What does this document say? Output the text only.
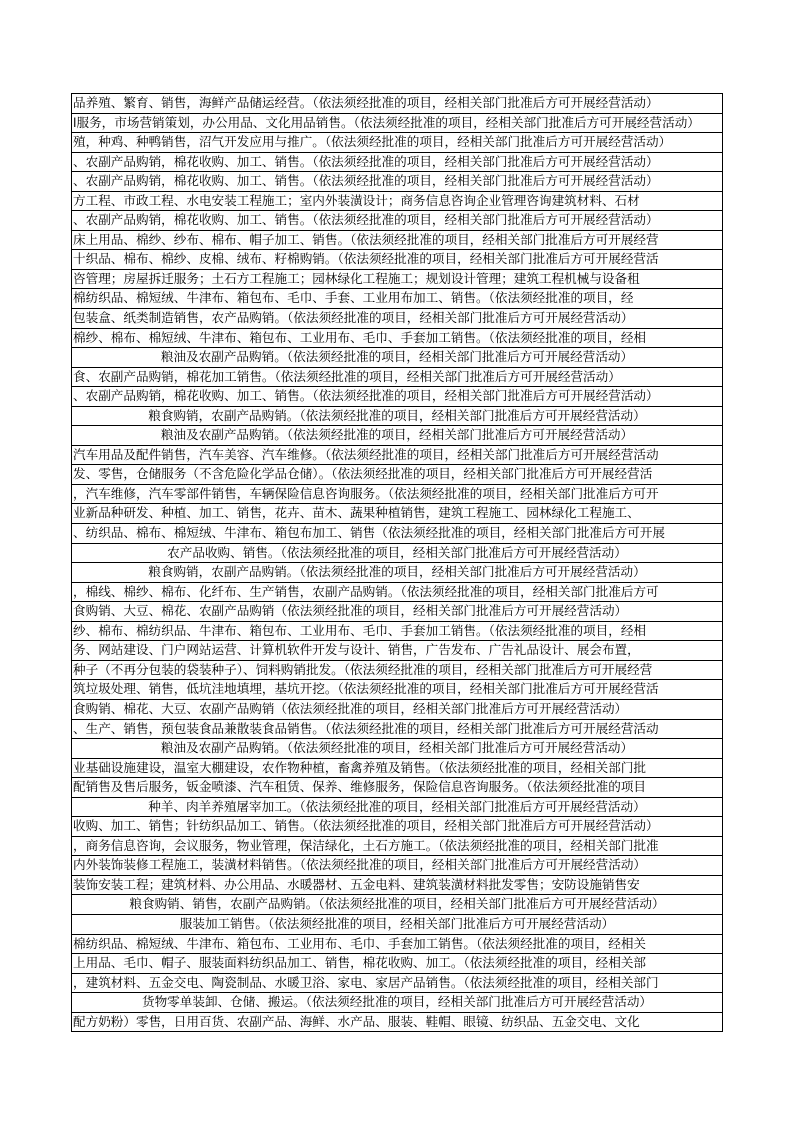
品养殖、繁育、销售，海鲜产品储运经营。（依法须经批准的项目，经相关部门批准后方可开展经营活动）
l服务，市场营销策划，办公用品、文化用品销售。（依法须经批准的项目，经相关部门批准后方可开展经营活动）
殖，种鸡、种鸭销售，沼气开发应用与推广。（依法须经批准的项目，经相关部门批准后方可开展经营活动）
、农副产品购销，棉花收购、加工、销售。（依法须经批准的项目，经相关部门批准后方可开展经营活动）
、农副产品购销，棉花收购、加工、销售。（依法须经批准的项目，经相关部门批准后方可开展经营活动）
方工程、市政工程、水电安装工程施工；室内外装潢设计；商务信息咨询企业管理咨询建筑材料、石材
、农副产品购销，棉花收购、加工、销售。（依法须经批准的项目，经相关部门批准后方可开展经营活动）
床上用品、棉纱、纱布、棉布、帽子加工、销售。（依法须经批准的项目，经相关部门批准后方可开展经营
十织品、棉布、棉纱、皮棉、绒布、籽棉购销。（依法须经批准的项目，经相关部门批准后方可开展经营活
咨管理；房屋拆迁服务；土石方工程施工；园林绿化工程施工；规划设计管理；建筑工程机械与设备租
棉纺织品、棉短绒、牛津布、箱包布、毛巾、手套、工业用布加工、销售。（依法须经批准的项目，经
包装盒、纸类制造销售，农产品购销。（依法须经批准的项目，经相关部门批准后方可开展经营活动）
棉纱、棉布、棉短绒、牛津布、箱包布、工业用布、毛巾、手套加工销售。（依法须经批准的项目，经相
粮油及农副产品购销。（依法须经批准的项目，经相关部门批准后方可开展经营活动）
食、农副产品购销，棉花加工销售。（依法须经批准的项目，经相关部门批准后方可开展经营活动）
、农副产品购销，棉花收购、加工、销售。（依法须经批准的项目，经相关部门批准后方可开展经营活动）
粮食购销，农副产品购销。（依法须经批准的项目，经相关部门批准后方可开展经营活动）
粮油及农副产品购销。（依法须经批准的项目，经相关部门批准后方可开展经营活动）
汽车用品及配件销售，汽车美容、汽车维修。（依法须经批准的项目，经相关部门批准后方可开展经营活动
发、零售，仓储服务（不含危险化学品仓储）。（依法须经批准的项目，经相关部门批准后方可开展经营活
，汽车维修，汽车零部件销售，车辆保险信息咨询服务。（依法须经批准的项目，经相关部门批准后方可开
业新品种研发、种植、加工、销售，花卉、苗木、蔬果种植销售，建筑工程施工、园林绿化工程施工、
、纺织品、棉布、棉短绒、牛津布、箱包布加工、销售（依法须经批准的项目，经相关部门批准后方可开展
农产品收购、销售。（依法须经批准的项目，经相关部门批准后方可开展经营活动）
粮食购销，农副产品购销。（依法须经批准的项目，经相关部门批准后方可开展经营活动）
，棉线、棉纱、棉布、化纤布、生产销售，农副产品购销。（依法须经批准的项目，经相关部门批准后方可
食购销、大豆、棉花、农副产品购销（依法须经批准的项目，经相关部门批准后方可开展经营活动）
纱、棉布、棉纺织品、牛津布、箱包布、工业用布、毛巾、手套加工销售。（依法须经批准的项目，经相
务、网站建设、门户网站运营、计算机软件开发与设计、销售，广告发布、广告礼品设计、展会布置，
种子（不再分包装的袋装种子）、饲料购销批发。（依法须经批准的项目，经相关部门批准后方可开展经营
筑垃圾处理、销售，低坑洼地填埋，基坑开挖。（依法须经批准的项目，经相关部门批准后方可开展经营活
食购销、棉花、大豆、农副产品购销（依法须经批准的项目，经相关部门批准后方可开展经营活动）
、生产、销售，预包装食品兼散装食品销售。（依法须经批准的项目，经相关部门批准后方可开展经营活动
粮油及农副产品购销。（依法须经批准的项目，经相关部门批准后方可开展经营活动）
业基础设施建设，温室大棚建设，农作物种植，畜禽养殖及销售。（依法须经批准的项目，经相关部门批
配销售及售后服务，钣金喷漆、汽车租赁、保养、维修服务，保险信息咨询服务。（依法须经批准的项目
种羊、肉羊养殖屠宰加工。（依法须经批准的项目，经相关部门批准后方可开展经营活动）
收购、加工、销售；针纺织品加工、销售。（依法须经批准的项目，经相关部门批准后方可开展经营活动）
，商务信息咨询，会议服务，物业管理，保洁绿化，土石方施工。（依法须经批准的项目，经相关部门批准
内外装饰装修工程施工，装潢材料销售。（依法须经批准的项目，经相关部门批准后方可开展经营活动）
装饰安装工程；建筑材料、办公用品、水暖器材、五金电料、建筑装潢材料批发零售；安防设施销售安
粮食购销、销售，农副产品购销。（依法须经批准的项目，经相关部门批准后方可开展经营活动）
服装加工销售。（依法须经批准的项目，经相关部门批准后方可开展经营活动）
棉纺织品、棉短绒、牛津布、箱包布、工业用布、毛巾、手套加工销售。（依法须经批准的项目，经相关
上用品、毛巾、帽子、服装面料纺织品加工、销售，棉花收购、加工。（依法须经批准的项目，经相关部
，建筑材料、五金交电、陶瓷制品、水暖卫浴、家电、家居产品销售。（依法须经批准的项目，经相关部门
货物零单装卸、仓储、搬运。（依法须经批准的项目，经相关部门批准后方可开展经营活动）
配方奶粉）零售，日用百货、农副产品、海鲜、水产品、服装、鞋帽、眼镜、纺织品、五金交电、文化
